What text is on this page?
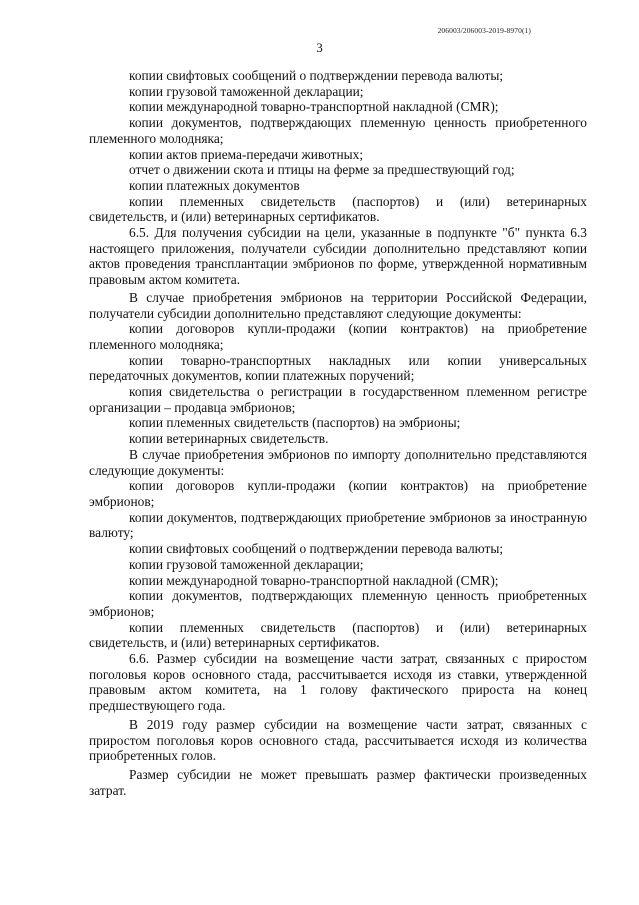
206003/206003-2019-8970(1)
3

копии свифтовых сообщений о подтверждении перевода валюты;

копии грузовой таможенной декларации;

копии международной товарно-транспортной накладной (CMR);

копии документов, подтверждающих племенную ценность приобретенного племенного молодняка;

копии актов приема-передачи животных;

отчет о движении скота и птицы на ферме за предшествующий год;

копии платежных документов

копии племенных свидетельств (паспортов) и (или) ветеринарных свидетельств, и (или) ветеринарных сертификатов.

6.5. Для получения субсидии на цели, указанные в подпункте "б" пункта 6.3 настоящего приложения, получатели субсидии дополнительно представляют копии актов проведения трансплантации эмбрионов по форме, утвержденной нормативным правовым актом комитета.

В случае приобретения эмбрионов на территории Российской Федерации, получатели субсидии дополнительно представляют следующие документы:

копии договоров купли-продажи (копии контрактов) на приобретение племенного молодняка;

копии товарно-транспортных накладных или копии универсальных передаточных документов, копии платежных поручений;

копия свидетельства о регистрации в государственном племенном регистре организации – продавца эмбрионов;

копии племенных свидетельств (паспортов) на эмбрионы;

копии ветеринарных свидетельств.

В случае приобретения эмбрионов по импорту дополнительно представляются следующие документы:

копии договоров купли-продажи (копии контрактов) на приобретение эмбрионов;

копии документов, подтверждающих приобретение эмбрионов за иностранную валюту;

копии свифтовых сообщений о подтверждении перевода валюты;

копии грузовой таможенной декларации;

копии международной товарно-транспортной накладной (CMR);

копии документов, подтверждающих племенную ценность приобретенных эмбрионов;

копии племенных свидетельств (паспортов) и (или) ветеринарных свидетельств, и (или) ветеринарных сертификатов.

6.6. Размер субсидии на возмещение части затрат, связанных с приростом поголовья коров основного стада, рассчитывается исходя из ставки, утвержденной правовым актом комитета, на 1 голову фактического прироста на конец предшествующего года.

В 2019 году размер субсидии на возмещение части затрат, связанных с приростом поголовья коров основного стада, рассчитывается исходя из количества приобретенных голов.

Размер субсидии не может превышать размер фактически произведенных затрат.
